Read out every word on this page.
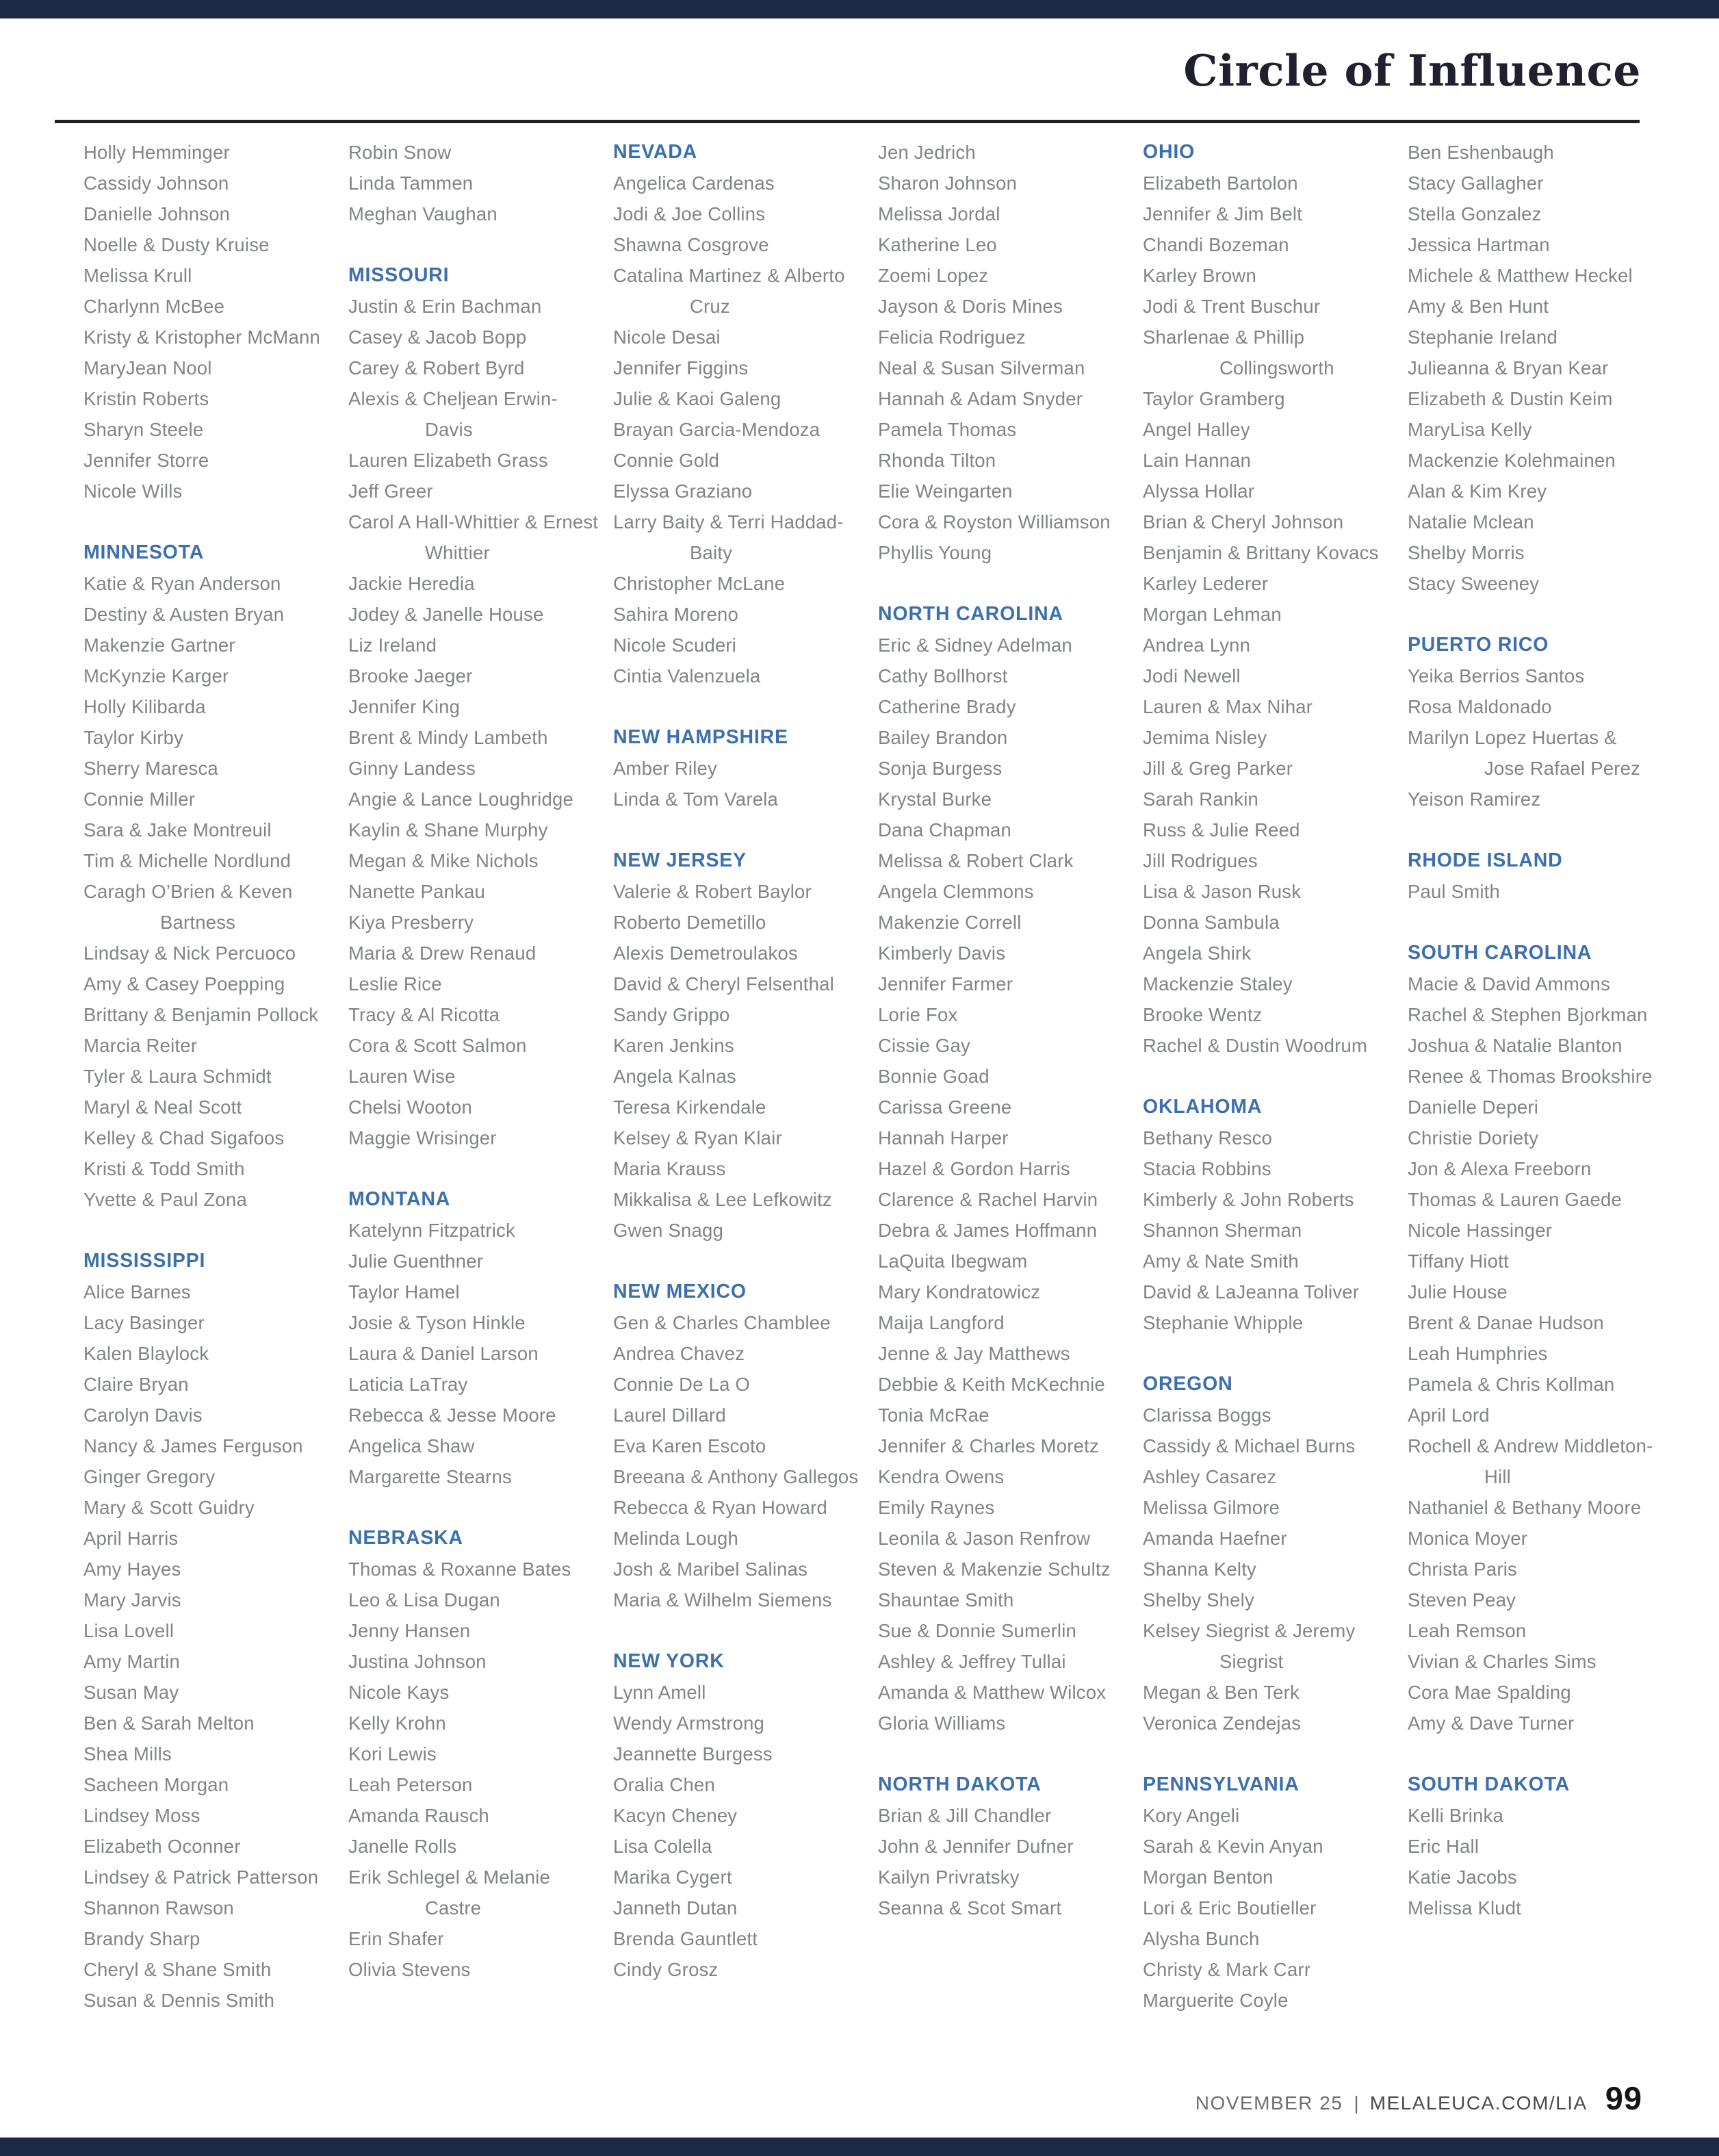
Circle of Influence
Holly Hemminger
Cassidy Johnson
Danielle Johnson
Noelle & Dusty Kruise
Melissa Krull
Charlynn McBee
Kristy & Kristopher McMann
MaryJean Nool
Kristin Roberts
Sharyn Steele
Jennifer Storre
Nicole Wills
MINNESOTA
Katie & Ryan Anderson
Destiny & Austen Bryan
Makenzie Gartner
McKynzie Karger
Holly Kilibarda
Taylor Kirby
Sherry Maresca
Connie Miller
Sara & Jake Montreuil
Tim & Michelle Nordlund
Caragh O’Brien & Keven Bartness
Lindsay & Nick Percuoco
Amy & Casey Poepping
Brittany & Benjamin Pollock
Marcia Reiter
Tyler & Laura Schmidt
Maryl & Neal Scott
Kelley & Chad Sigafoos
Kristi & Todd Smith
Yvette & Paul Zona
MISSISSIPPI
Alice Barnes
Lacy Basinger
Kalen Blaylock
Claire Bryan
Carolyn Davis
Nancy & James Ferguson
Ginger Gregory
Mary & Scott Guidry
April Harris
Amy Hayes
Mary Jarvis
Lisa Lovell
Amy Martin
Susan May
Ben & Sarah Melton
Shea Mills
Sacheen Morgan
Lindsey Moss
Elizabeth Oconner
Lindsey & Patrick Patterson
Shannon Rawson
Brandy Sharp
Cheryl & Shane Smith
Susan & Dennis Smith
Robin Snow
Linda Tammen
Meghan Vaughan
MISSOURI
Justin & Erin Bachman
Casey & Jacob Bopp
Carey & Robert Byrd
Alexis & Cheljean Erwin-Davis
Lauren Elizabeth Grass
Jeff Greer
Carol A Hall-Whittier & Ernest Whittier
Jackie Heredia
Jodey & Janelle House
Liz Ireland
Brooke Jaeger
Jennifer King
Brent & Mindy Lambeth
Ginny Landess
Angie & Lance Loughridge
Kaylin & Shane Murphy
Megan & Mike Nichols
Nanette Pankau
Kiya Presberry
Maria & Drew Renaud
Leslie Rice
Tracy & Al Ricotta
Cora & Scott Salmon
Lauren Wise
Chelsi Wooton
Maggie Wrisinger
MONTANA
Katelynn Fitzpatrick
Julie Guenthner
Taylor Hamel
Josie & Tyson Hinkle
Laura & Daniel Larson
Laticia LaTray
Rebecca & Jesse Moore
Angelica Shaw
Margarette Stearns
NEBRASKA
Thomas & Roxanne Bates
Leo & Lisa Dugan
Jenny Hansen
Justina Johnson
Nicole Kays
Kelly Krohn
Kori Lewis
Leah Peterson
Amanda Rausch
Janelle Rolls
Erik Schlegel & Melanie Castre
Erin Shafer
Olivia Stevens
NEVADA
Angelica Cardenas
Jodi & Joe Collins
Shawna Cosgrove
Catalina Martinez & Alberto Cruz
Nicole Desai
Jennifer Figgins
Julie & Kaoi Galeng
Brayan Garcia-Mendoza
Connie Gold
Elyssa Graziano
Larry Baity & Terri Haddad-Baity
Christopher McLane
Sahira Moreno
Nicole Scuderi
Cintia Valenzuela
NEW HAMPSHIRE
Amber Riley
Linda & Tom Varela
NEW JERSEY
Valerie & Robert Baylor
Roberto Demetillo
Alexis Demetroulakos
David & Cheryl Felsenthal
Sandy Grippo
Karen Jenkins
Angela Kalnas
Teresa Kirkendale
Kelsey & Ryan Klair
Maria Krauss
Mikkalisa & Lee Lefkowitz
Gwen Snagg
NEW MEXICO
Gen & Charles Chamblee
Andrea Chavez
Connie De La O
Laurel Dillard
Eva Karen Escoto
Breeana & Anthony Gallegos
Rebecca & Ryan Howard
Melinda Lough
Josh & Maribel Salinas
Maria & Wilhelm Siemens
NEW YORK
Lynn Amell
Wendy Armstrong
Jeannette Burgess
Oralia Chen
Kacyn Cheney
Lisa Colella
Marika Cygert
Janneth Dutan
Brenda Gauntlett
Cindy Grosz
Jen Jedrich
Sharon Johnson
Melissa Jordal
Katherine Leo
Zoemi Lopez
Jayson & Doris Mines
Felicia Rodriguez
Neal & Susan Silverman
Hannah & Adam Snyder
Pamela Thomas
Rhonda Tilton
Elie Weingarten
Cora & Royston Williamson
Phyllis Young
NORTH CAROLINA
Eric & Sidney Adelman
Cathy Bollhorst
Catherine Brady
Bailey Brandon
Sonja Burgess
Krystal Burke
Dana Chapman
Melissa & Robert Clark
Angela Clemmons
Makenzie Correll
Kimberly Davis
Jennifer Farmer
Lorie Fox
Cissie Gay
Bonnie Goad
Carissa Greene
Hannah Harper
Hazel & Gordon Harris
Clarence & Rachel Harvin
Debra & James Hoffmann
LaQuita Ibegwam
Mary Kondratowicz
Maija Langford
Jenne & Jay Matthews
Debbie & Keith McKechnie
Tonia McRae
Jennifer & Charles Moretz
Kendra Owens
Emily Raynes
Leonila & Jason Renfrow
Steven & Makenzie Schultz
Shauntae Smith
Sue & Donnie Sumerlin
Ashley & Jeffrey Tullai
Amanda & Matthew Wilcox
Gloria Williams
NORTH DAKOTA
Brian & Jill Chandler
John & Jennifer Dufner
Kailyn Privratsky
Seanna & Scot Smart
OHIO
Elizabeth Bartolon
Jennifer & Jim Belt
Chandi Bozeman
Karley Brown
Jodi & Trent Buschur
Sharlenae & Phillip Collingsworth
Taylor Gramberg
Angel Halley
Lain Hannan
Alyssa Hollar
Brian & Cheryl Johnson
Benjamin & Brittany Kovacs
Karley Lederer
Morgan Lehman
Andrea Lynn
Jodi Newell
Lauren & Max Nihar
Jemima Nisley
Jill & Greg Parker
Sarah Rankin
Russ & Julie Reed
Jill Rodrigues
Lisa & Jason Rusk
Donna Sambula
Angela Shirk
Mackenzie Staley
Brooke Wentz
Rachel & Dustin Woodrum
OKLAHOMA
Bethany Resco
Stacia Robbins
Kimberly & John Roberts
Shannon Sherman
Amy & Nate Smith
David & LaJeanna Toliver
Stephanie Whipple
OREGON
Clarissa Boggs
Cassidy & Michael Burns
Ashley Casarez
Melissa Gilmore
Amanda Haefner
Shanna Kelty
Shelby Shely
Kelsey Siegrist & Jeremy Siegrist
Megan & Ben Terk
Veronica Zendejas
PENNSYLVANIA
Kory Angeli
Sarah & Kevin Anyan
Morgan Benton
Lori & Eric Boutieller
Alysha Bunch
Christy & Mark Carr
Marguerite Coyle
Ben Eshenbaugh
Stacy Gallagher
Stella Gonzalez
Jessica Hartman
Michele & Matthew Heckel
Amy & Ben Hunt
Stephanie Ireland
Julieanna & Bryan Kear
Elizabeth & Dustin Keim
MaryLisa Kelly
Mackenzie Kolehmainen
Alan & Kim Krey
Natalie Mclean
Shelby Morris
Stacy Sweeney
PUERTO RICO
Yeika Berrios Santos
Rosa Maldonado
Marilyn Lopez Huertas & Jose Rafael Perez
Yeison Ramirez
RHODE ISLAND
Paul Smith
SOUTH CAROLINA
Macie & David Ammons
Rachel & Stephen Bjorkman
Joshua & Natalie Blanton
Renee & Thomas Brookshire
Danielle Deperi
Christie Doriety
Jon & Alexa Freeborn
Thomas & Lauren Gaede
Nicole Hassinger
Tiffany Hiott
Julie House
Brent & Danae Hudson
Leah Humphries
Pamela & Chris Kollman
April Lord
Rochell & Andrew Middleton-Hill
Nathaniel & Bethany Moore
Monica Moyer
Christa Paris
Steven Peay
Leah Remson
Vivian & Charles Sims
Cora Mae Spalding
Amy & Dave Turner
SOUTH DAKOTA
Kelli Brinka
Eric Hall
Katie Jacobs
Melissa Kludt
NOVEMBER 25 | MELALEUCA.COM/LIA 99
